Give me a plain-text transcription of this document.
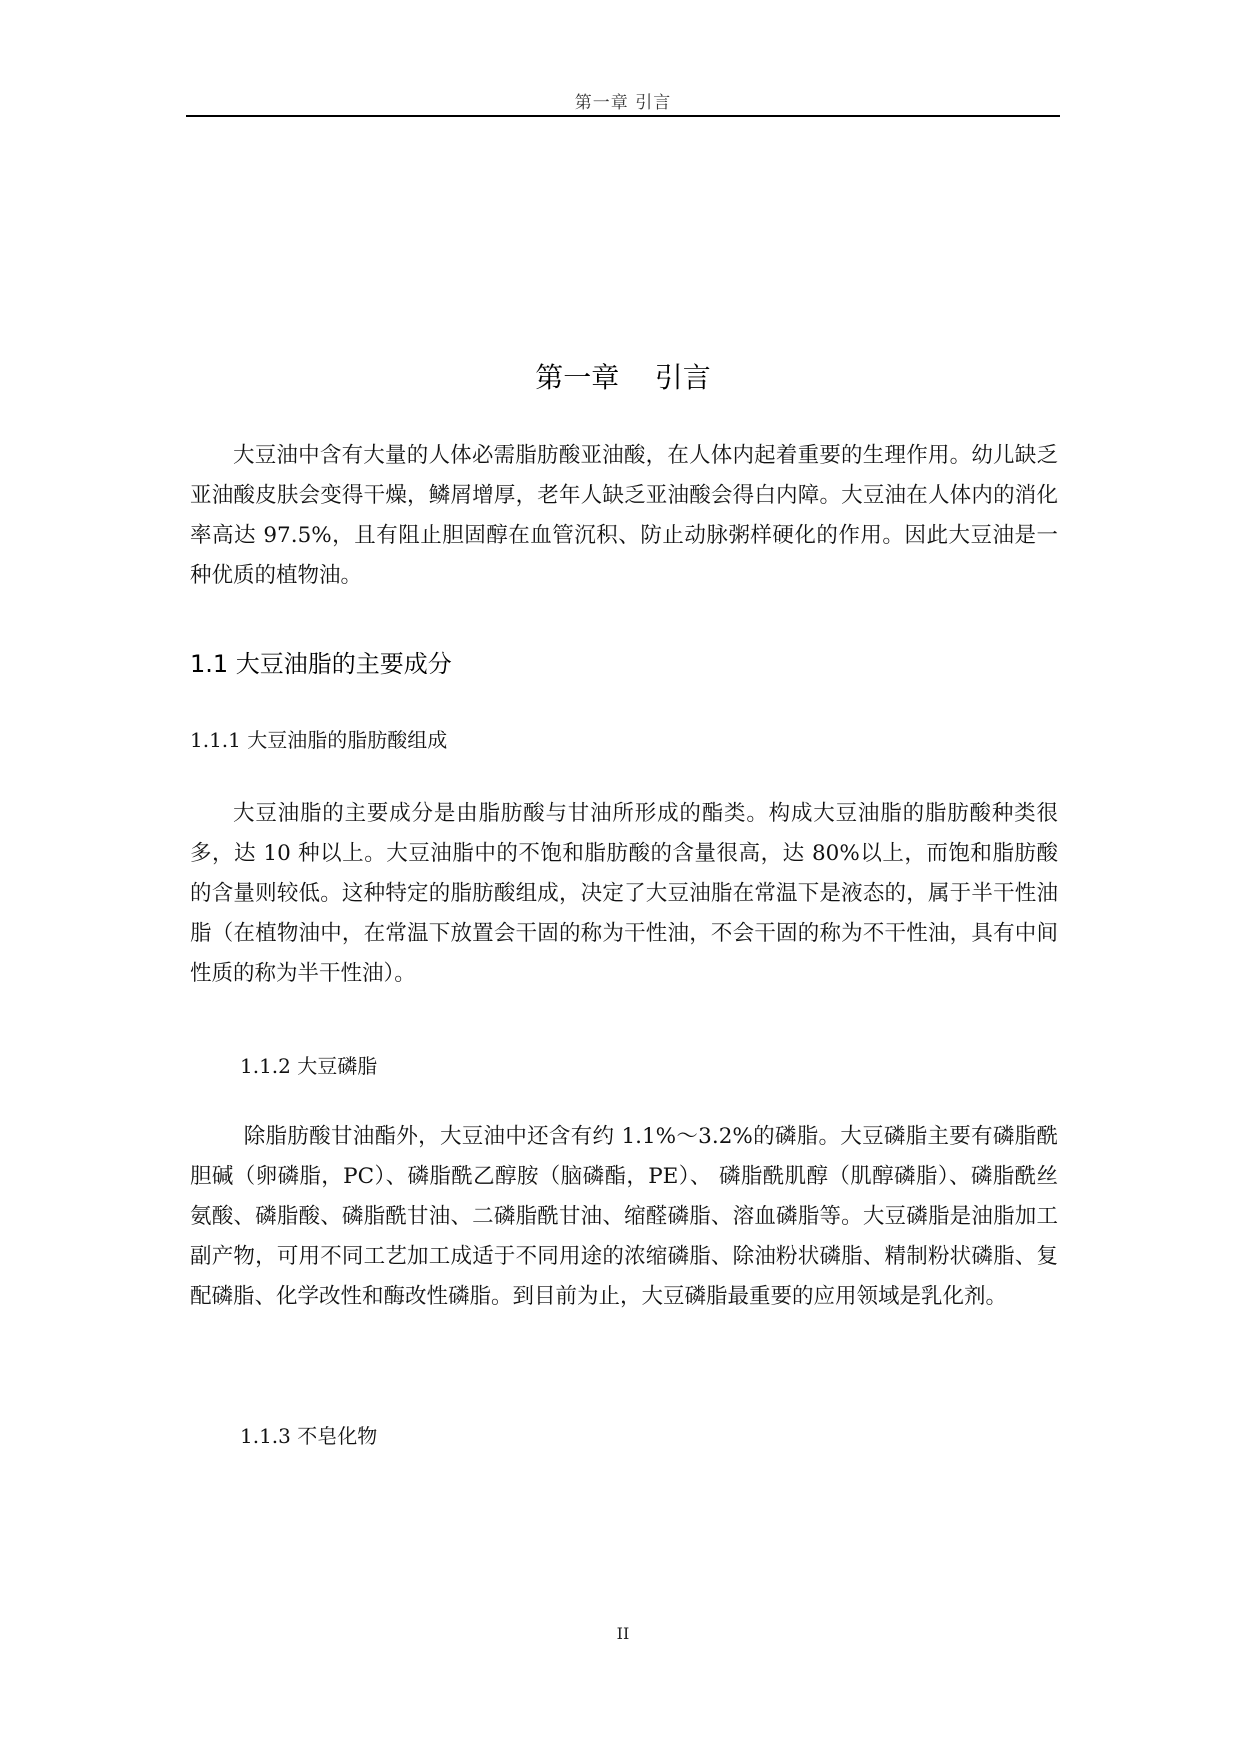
第一章 引言
第一章    引言

大豆油中含有大量的人体必需脂肪酸亚油酸，在人体内起着重要的生理作用。幼儿缺乏亚油酸皮肤会变得干燥，鳞屑增厚，老年人缺乏亚油酸会得白内障。大豆油在人体内的消化率高达 97.5%，且有阻止胆固醇在血管沉积、防止动脉粥样硬化的作用。因此大豆油是一种优质的植物油。

1.1 大豆油脂的主要成分
1.1.1 大豆油脂的脂肪酸组成

大豆油脂的主要成分是由脂肪酸与甘油所形成的酯类。构成大豆油脂的脂肪酸种类很多，达 10 种以上。大豆油脂中的不饱和脂肪酸的含量很高，达 80%以上，而饱和脂肪酸的含量则较低。这种特定的脂肪酸组成，决定了大豆油脂在常温下是液态的，属于半干性油脂（在植物油中，在常温下放置会干固的称为干性油，不会干固的称为不干性油，具有中间性质的称为半干性油）。

1.1.2 大豆磷脂

除脂肪酸甘油酯外，大豆油中还含有约 1.1%～3.2%的磷脂。大豆磷脂主要有磷脂酰胆碱（卵磷脂，PC）、磷脂酰乙醇胺（脑磷酯，PE）、 磷脂酰肌醇（肌醇磷脂）、磷脂酰丝氨酸、磷脂酸、磷脂酰甘油、二磷脂酰甘油、缩醛磷脂、溶血磷脂等。大豆磷脂是油脂加工副产物，可用不同工艺加工成适于不同用途的浓缩磷脂、除油粉状磷脂、精制粉状磷脂、复配磷脂、化学改性和酶改性磷脂。到目前为止，大豆磷脂最重要的应用领域是乳化剂。

1.1.3 不皂化物
II
